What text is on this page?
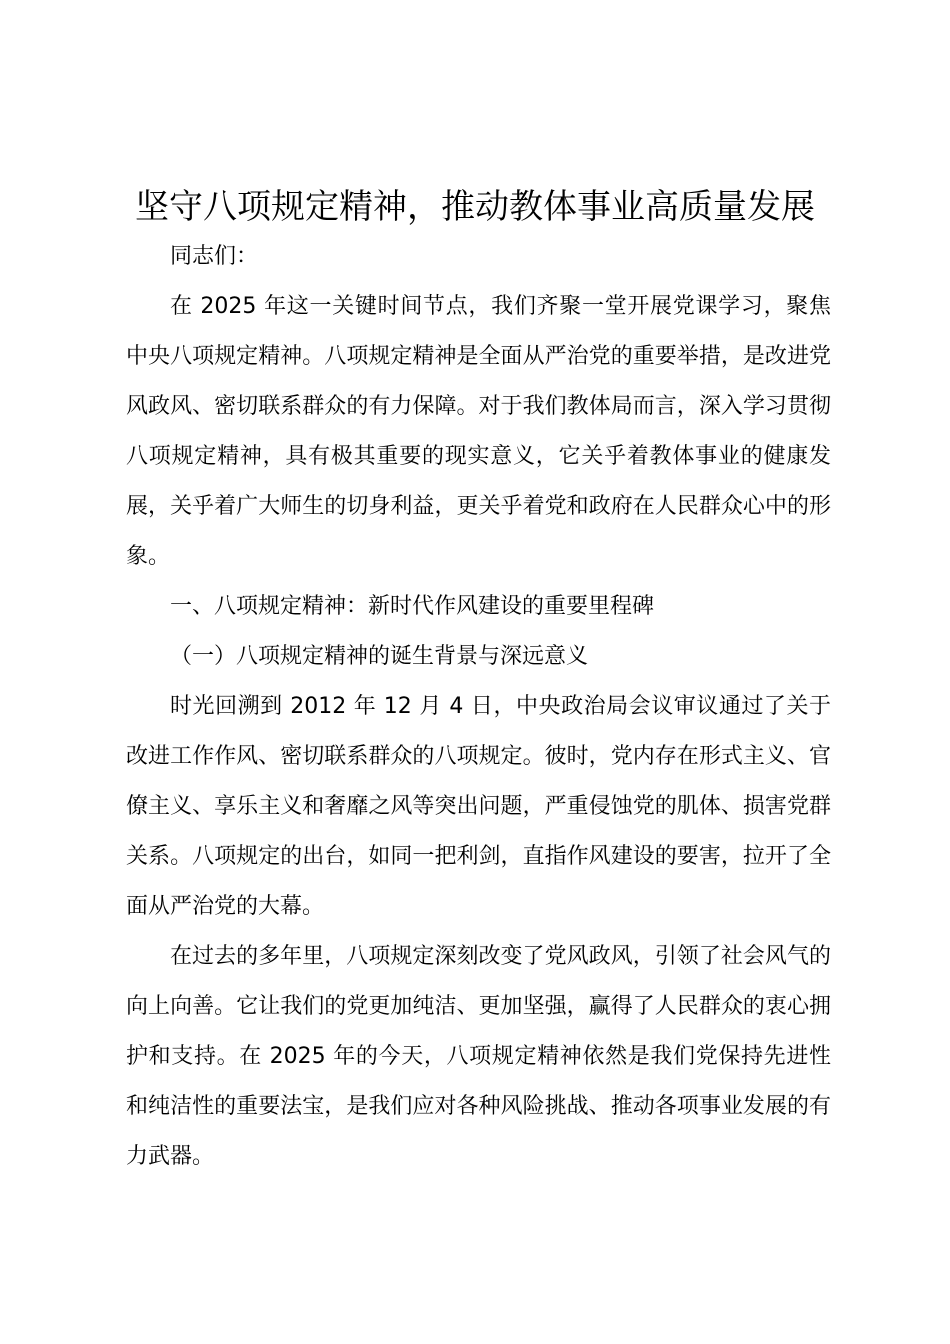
坚守八项规定精神，推动教体事业高质量发展

同志们：

在 2025 年这一关键时间节点，我们齐聚一堂开展党课学习，聚焦中央八项规定精神。八项规定精神是全面从严治党的重要举措，是改进党风政风、密切联系群众的有力保障。对于我们教体局而言，深入学习贯彻八项规定精神，具有极其重要的现实意义，它关乎着教体事业的健康发展，关乎着广大师生的切身利益，更关乎着党和政府在人民群众心中的形象。

一、八项规定精神：新时代作风建设的重要里程碑

（一）八项规定精神的诞生背景与深远意义

时光回溯到 2012 年 12 月 4 日，中央政治局会议审议通过了关于改进工作作风、密切联系群众的八项规定。彼时，党内存在形式主义、官僚主义、享乐主义和奢靡之风等突出问题，严重侵蚀党的肌体、损害党群关系。八项规定的出台，如同一把利剑，直指作风建设的要害，拉开了全面从严治党的大幕。

在过去的多年里，八项规定深刻改变了党风政风，引领了社会风气的向上向善。它让我们的党更加纯洁、更加坚强，赢得了人民群众的衷心拥护和支持。在 2025 年的今天，八项规定精神依然是我们党保持先进性和纯洁性的重要法宝，是我们应对各种风险挑战、推动各项事业发展的有力武器。
